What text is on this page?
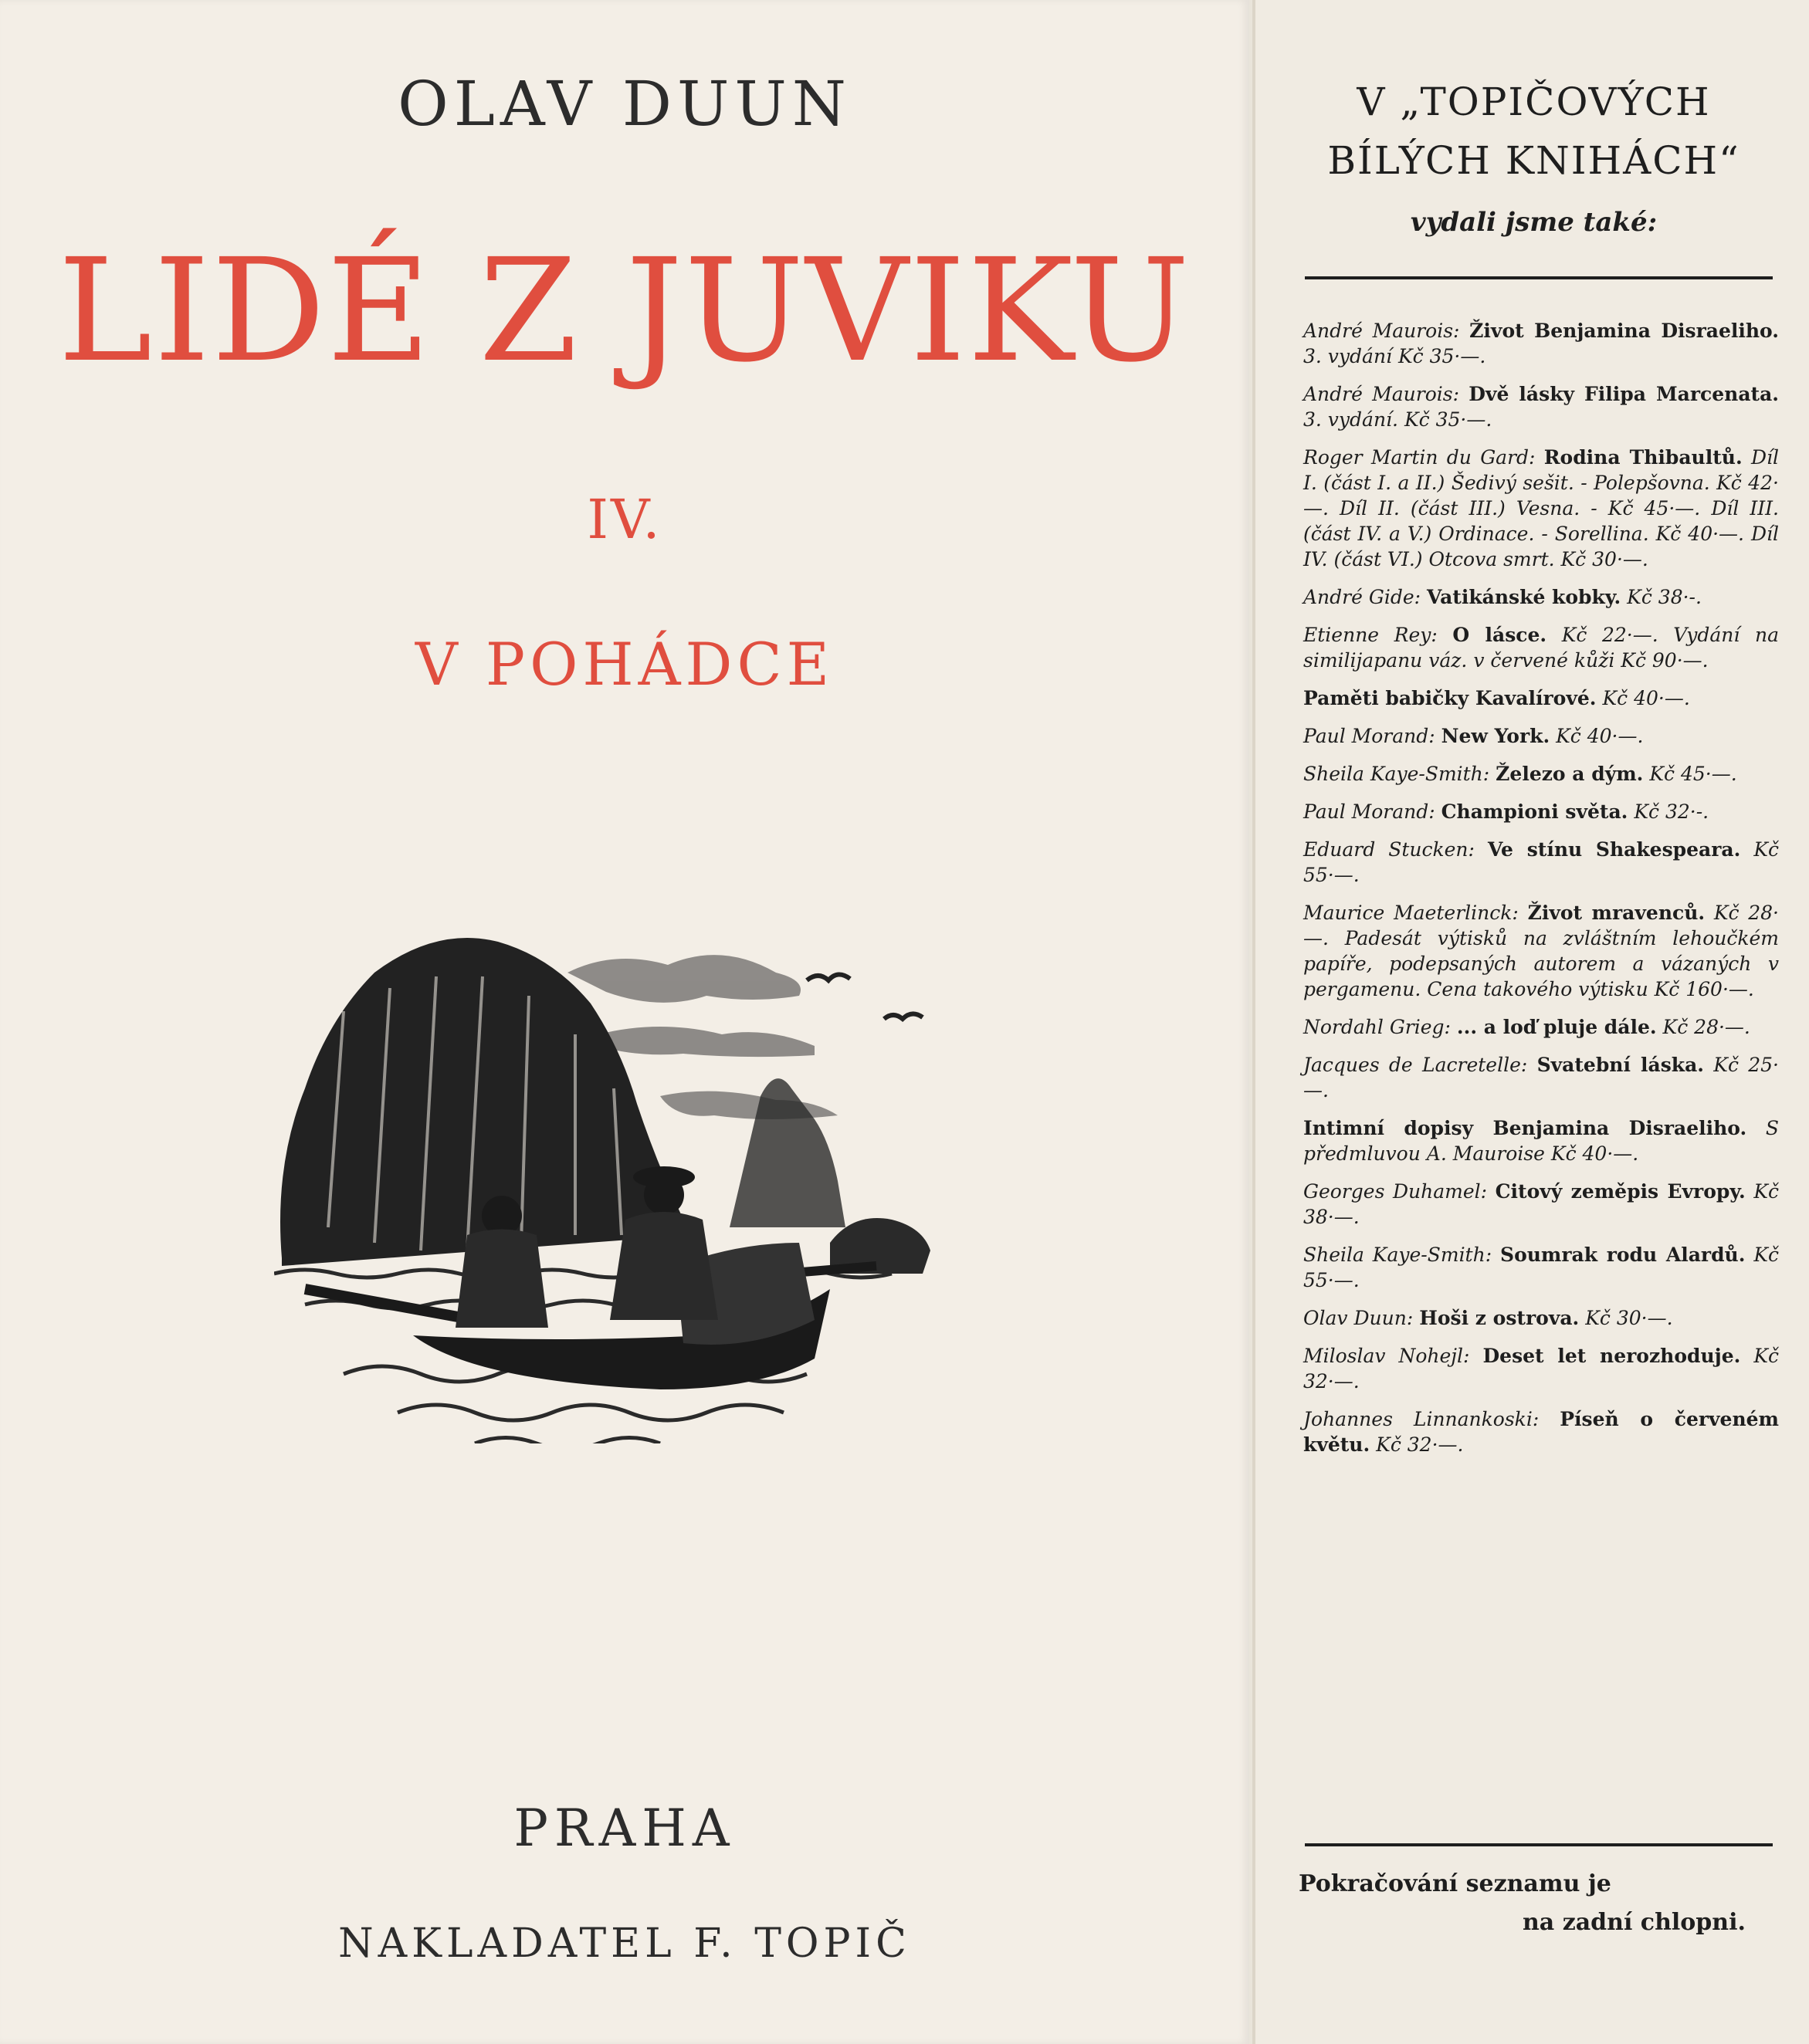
OLAV DUUN
LIDÉ Z JUVIKU
IV.
V POHÁDCE
PRAHA
NAKLADATEL F. TOPIČ
V „TOPIČOVÝCH
BÍLÝCH KNIHÁCH“
vydali jsme také:

André Maurois: Život Benjamina Disraeliho. 3. vydání Kč 35·—.

André Maurois: Dvě lásky Filipa Marcenata. 3. vydání. Kč 35·—.

Roger Martin du Gard: Rodina Thibaultů. Díl I. (část I. a II.) Šedivý sešit. - Polepšovna. Kč 42·—. Díl II. (část III.) Vesna. - Kč 45·—. Díl III. (část IV. a V.) Ordinace. - Sorellina. Kč 40·—. Díl IV. (část VI.) Otcova smrt. Kč 30·—.

André Gide: Vatikánské kobky. Kč 38·-.

Etienne Rey: O lásce. Kč 22·—. Vydání na similijapanu váz. v červené kůži Kč 90·—.

Paměti babičky Kavalírové. Kč 40·—.

Paul Morand: New York. Kč 40·—.

Sheila Kaye-Smith: Železo a dým. Kč 45·—.

Paul Morand: Championi světa. Kč 32·-.

Eduard Stucken: Ve stínu Shakespeara. Kč 55·—.

Maurice Maeterlinck: Život mravenců. Kč 28·—. Padesát výtisků na zvláštním lehoučkém papíře, podepsaných autorem a vázaných v pergamenu. Cena takového výtisku Kč 160·—.

Nordahl Grieg: ... a loď pluje dále. Kč 28·—.

Jacques de Lacretelle: Svatební láska. Kč 25·—.

Intimní dopisy Benjamina Disraeliho. S předmluvou A. Mauroise Kč 40·—.

Georges Duhamel: Citový zeměpis Evropy. Kč 38·—.

Sheila Kaye-Smith: Soumrak rodu Alardů. Kč 55·—.

Olav Duun: Hoši z ostrova. Kč 30·—.

Miloslav Nohejl: Deset let nerozhoduje. Kč 32·—.

Johannes Linnankoski: Píseň o červeném květu. Kč 32·—.

Pokračování seznamu je
na zadní chlopni.
